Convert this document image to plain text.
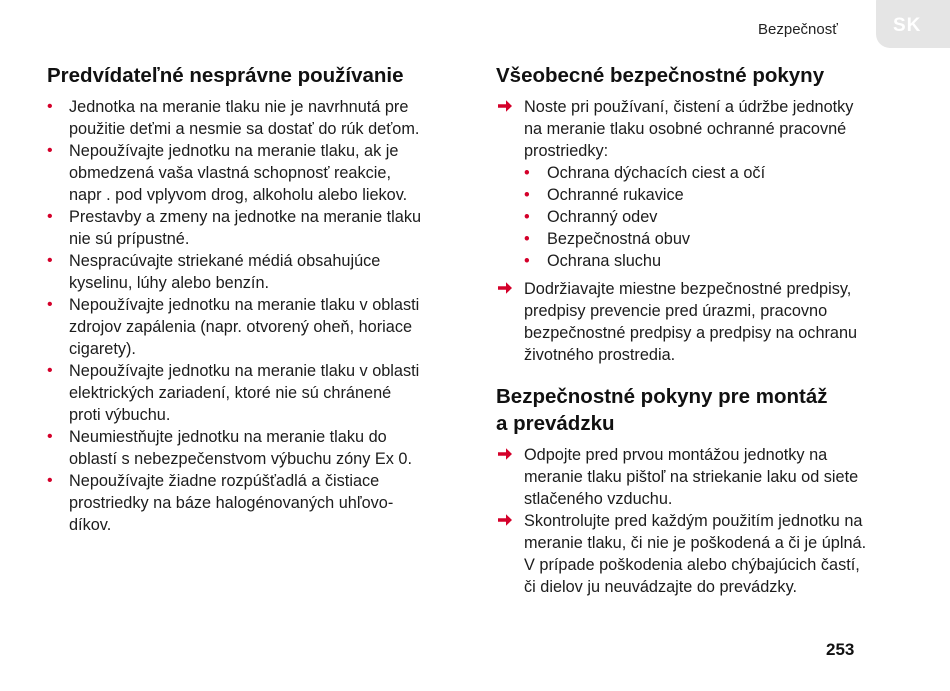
Bezpečnosť	SK
Predvídateľné nesprávne používanie
• Jednotka na meranie tlaku nie je navrhnutá pre
použitie deťmi a nesmie sa dostať do rúk deťom.
• Nepoužívajte jednotku na meranie tlaku, ak je
obmedzená vaša vlastná schopnosť reakcie,
napr . pod vplyvom drog, alkoholu alebo liekov.
• Prestavby a zmeny na jednotke na meranie tlaku
nie sú prípustné.
• Nespracúvajte striekané médiá obsahujúce
kyselinu, lúhy alebo benzín.
• Nepoužívajte jednotku na meranie tlaku v oblasti
zdrojov zapálenia (napr. otvorený oheň, horiace
cigarety).
• Nepoužívajte jednotku na meranie tlaku v oblasti
elektrických zariadení, ktoré nie sú chránené
proti výbuchu.
• Neumiestňujte jednotku na meranie tlaku do
oblastí s nebezpečenstvom výbuchu zóny Ex 0.
• Nepoužívajte žiadne rozpúšťadlá a čistiace
prostriedky na báze halogénovaných uhľovo-
díkov.
Všeobecné bezpečnostné pokyny
Noste pri používaní, čistení a údržbe jednotky
na meranie tlaku osobné ochranné pracovné
prostriedky:
• Ochrana dýchacích ciest a očí
• Ochranné rukavice
• Ochranný odev
• Bezpečnostná obuv
• Ochrana sluchu
Dodržiavajte miestne bezpečnostné predpisy,
predpisy prevencie pred úrazmi, pracovno
bezpečnostné predpisy a predpisy na ochranu
životného prostredia.
Bezpečnostné pokyny pre montáž
a prevádzku
Odpojte pred prvou montážou jednotky na
meranie tlaku pištoľ na striekanie laku od siete
stlačeného vzduchu.
Skontrolujte pred každým použitím jednotku na
meranie tlaku, či nie je poškodená a či je úplná.
V prípade poškodenia alebo chýbajúcich častí,
či dielov ju neuvádzajte do prevádzky.
253
